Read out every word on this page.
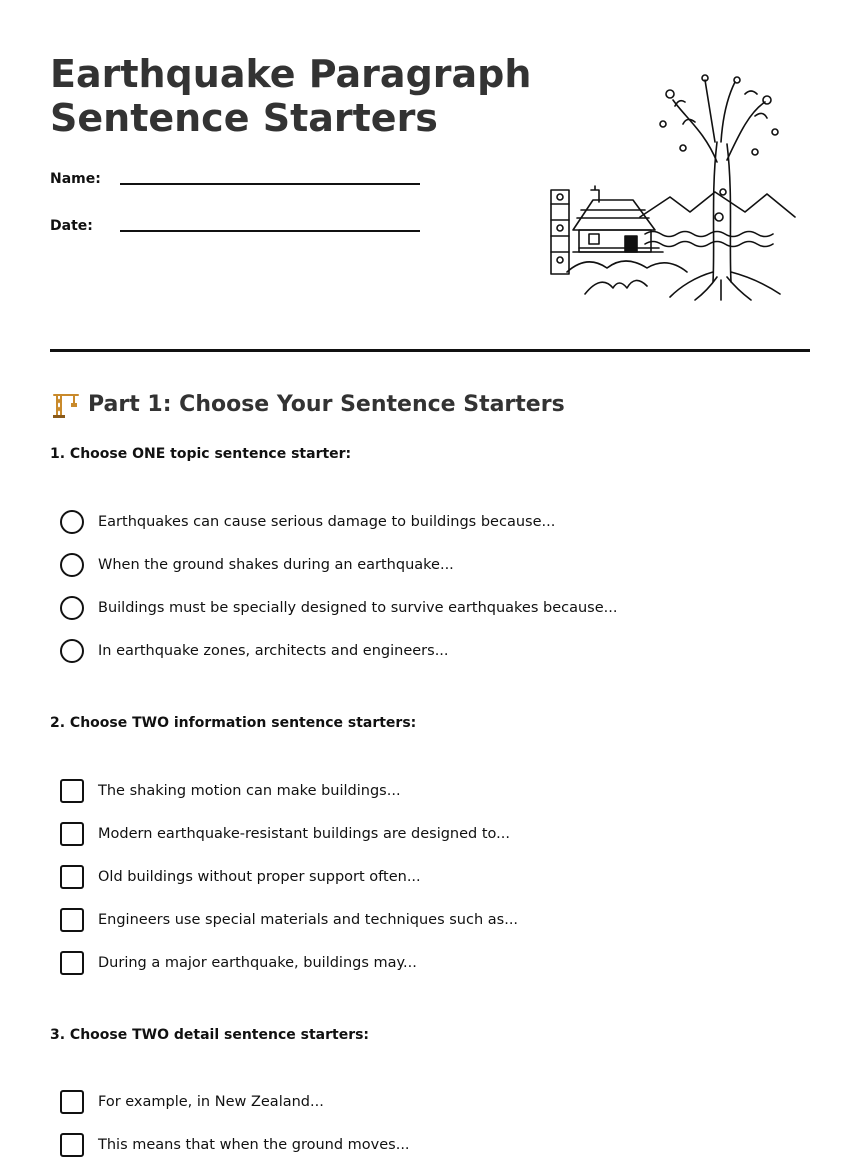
Earthquake Paragraph
Sentence Starters
Name:
Date:
Part 1: Choose Your Sentence Starters

1. Choose ONE topic sentence starter:

Earthquakes can cause serious damage to buildings because...
When the ground shakes during an earthquake...
Buildings must be specially designed to survive earthquakes because...
In earthquake zones, architects and engineers...

2. Choose TWO information sentence starters:

The shaking motion can make buildings...
Modern earthquake-resistant buildings are designed to...
Old buildings without proper support often...
Engineers use special materials and techniques such as...
During a major earthquake, buildings may...

3. Choose TWO detail sentence starters:

For example, in New Zealand...
This means that when the ground moves...
